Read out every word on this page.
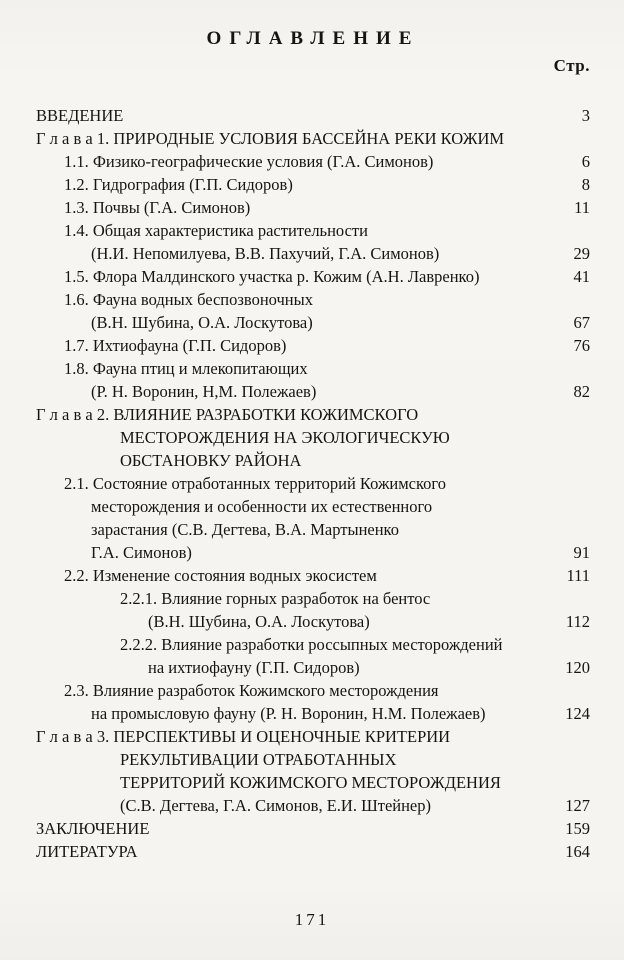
ОГЛАВЛЕНИЕ
Стр.
ВВЕДЕНИЕ	3
Г л а в а 1. ПРИРОДНЫЕ УСЛОВИЯ БАССЕЙНА РЕКИ КОЖИМ
1.1. Физико-географические условия (Г.А. Симонов)	6
1.2. Гидрография (Г.П. Сидоров)	8
1.3. Почвы (Г.А. Симонов)	11
1.4. Общая характеристика растительности
(Н.И. Непомилуева, В.В. Пахучий, Г.А. Симонов)	29
1.5. Флора Малдинского участка р. Кожим (А.Н. Лавренко)	41
1.6. Фауна водных беспозвоночных
(В.Н. Шубина, О.А. Лоскутова)	67
1.7. Ихтиофауна (Г.П. Сидоров)	76
1.8. Фауна птиц и млекопитающих
(Р. Н. Воронин, Н,М. Полежаев)	82
Г л а в а 2. ВЛИЯНИЕ РАЗРАБОТКИ КОЖИМСКОГО
МЕСТОРОЖДЕНИЯ НА ЭКОЛОГИЧЕСКУЮ
ОБСТАНОВКУ РАЙОНА
2.1. Состояние отработанных территорий Кожимского
месторождения и особенности их естественного
зарастания (С.В. Дегтева, В.А. Мартыненко
Г.А. Симонов)	91
2.2. Изменение состояния водных экосистем	111
2.2.1. Влияние горных разработок на бентос
(В.Н. Шубина, О.А. Лоскутова)	112
2.2.2. Влияние разработки россыпных месторождений
на ихтиофауну (Г.П. Сидоров)	120
2.3. Влияние разработок Кожимского месторождения
на промысловую фауну (Р. Н. Воронин, Н.М. Полежаев)	124
Г л а в а 3. ПЕРСПЕКТИВЫ И ОЦЕНОЧНЫЕ КРИТЕРИИ
РЕКУЛЬТИВАЦИИ ОТРАБОТАННЫХ
ТЕРРИТОРИЙ КОЖИМСКОГО МЕСТОРОЖДЕНИЯ
(С.В. Дегтева, Г.А. Симонов, Е.И. Штейнер)	127
ЗАКЛЮЧЕНИЕ	159
ЛИТЕРАТУРА	164
171
